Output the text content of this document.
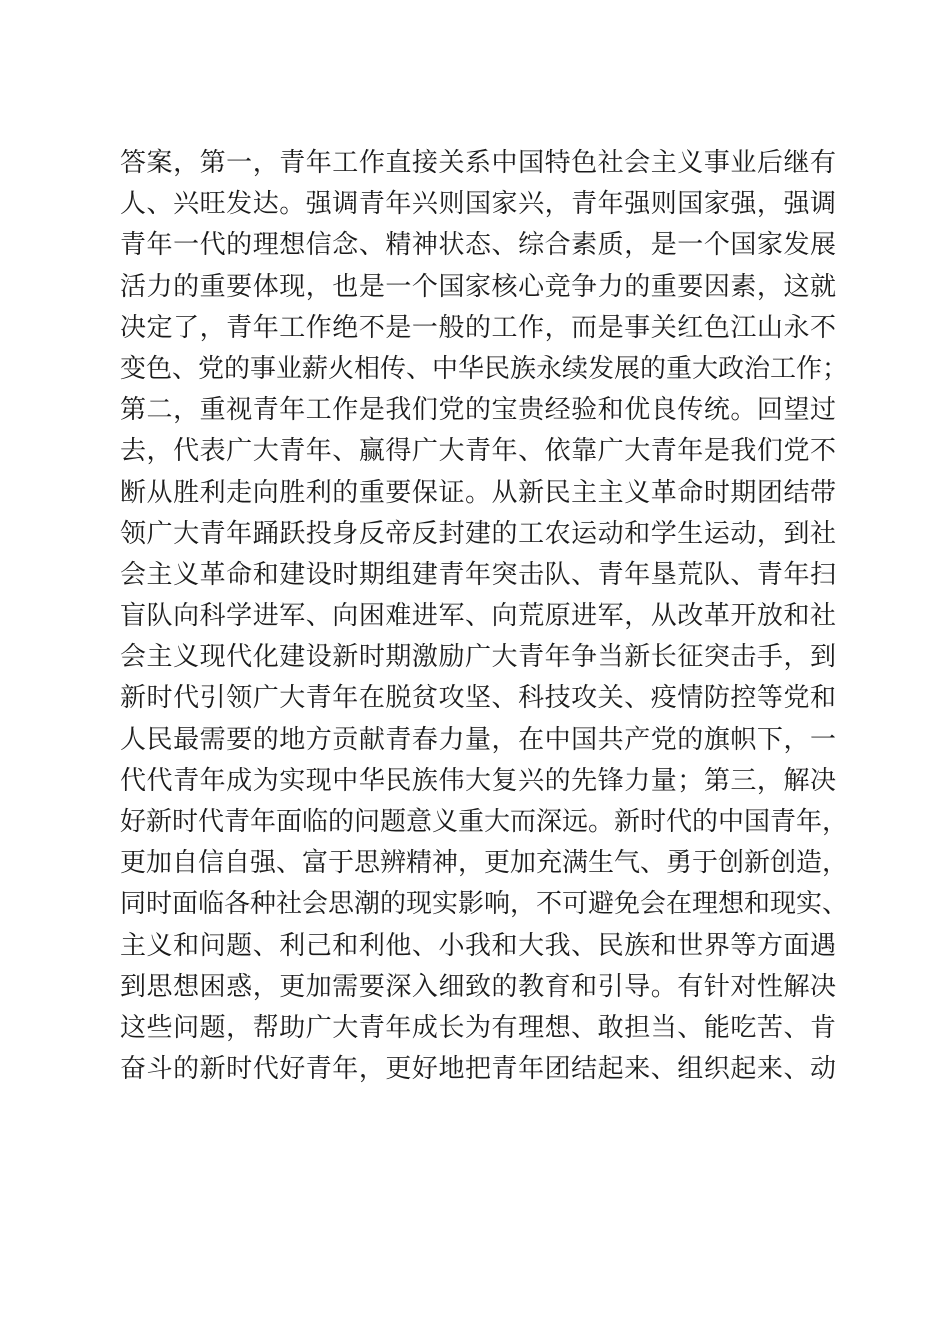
答案，第一，青年工作直接关系中国特色社会主义事业后继有
人、兴旺发达。强调青年兴则国家兴，青年强则国家强，强调
青年一代的理想信念、精神状态、综合素质，是一个国家发展
活力的重要体现，也是一个国家核心竞争力的重要因素，这就
决定了，青年工作绝不是一般的工作，而是事关红色江山永不
变色、党的事业薪火相传、中华民族永续发展的重大政治工作；
第二，重视青年工作是我们党的宝贵经验和优良传统。回望过
去，代表广大青年、赢得广大青年、依靠广大青年是我们党不
断从胜利走向胜利的重要保证。从新民主主义革命时期团结带
领广大青年踊跃投身反帝反封建的工农运动和学生运动，到社
会主义革命和建设时期组建青年突击队、青年垦荒队、青年扫
盲队向科学进军、向困难进军、向荒原进军，从改革开放和社
会主义现代化建设新时期激励广大青年争当新长征突击手，到
新时代引领广大青年在脱贫攻坚、科技攻关、疫情防控等党和
人民最需要的地方贡献青春力量，在中国共产党的旗帜下，一
代代青年成为实现中华民族伟大复兴的先锋力量；第三，解决
好新时代青年面临的问题意义重大而深远。新时代的中国青年，
更加自信自强、富于思辨精神，更加充满生气、勇于创新创造，
同时面临各种社会思潮的现实影响，不可避免会在理想和现实、
主义和问题、利己和利他、小我和大我、民族和世界等方面遇
到思想困惑，更加需要深入细致的教育和引导。有针对性解决
这些问题，帮助广大青年成长为有理想、敢担当、能吃苦、肯
奋斗的新时代好青年，更好地把青年团结起来、组织起来、动
